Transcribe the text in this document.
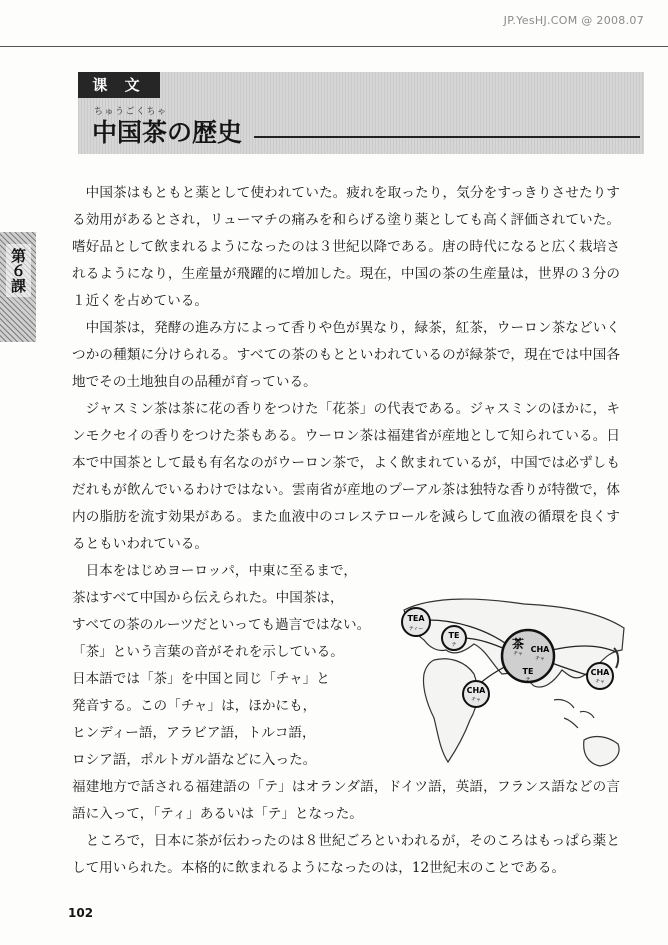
JP.YesHJ.COM @ 2008.07
课 文
ちゅうごくちゃ
中国茶の歴史
第６課

中国茶はもともと薬として使われていた。疲れを取ったり，気分をすっきりさせたりする効用があるとされ，リューマチの痛みを和らげる塗り薬としても高く評価されていた。嗜好品として飲まれるようになったのは３世紀以降である。唐の時代になると広く栽培されるようになり，生産量が飛躍的に増加した。現在，中国の茶の生産量は，世界の３分の１近くを占めている。

中国茶は，発酵の進み方によって香りや色が異なり，緑茶，紅茶，ウーロン茶などいくつかの種類に分けられる。すべての茶のもとといわれているのが緑茶で，現在では中国各地でその土地独自の品種が育っている。

ジャスミン茶は茶に花の香りをつけた「花茶」の代表である。ジャスミンのほかに，キンモクセイの香りをつけた茶もある。ウーロン茶は福建省が産地として知られている。日本で中国茶として最も有名なのがウーロン茶で，よく飲まれているが，中国では必ずしもだれもが飲んでいるわけではない。雲南省が産地のプーアル茶は独特な香りが特徴で，体内の脂肪を流す効果がある。また血液中のコレステロールを減らして血液の循環を良くするともいわれている。

日本をはじめヨーロッパ，中東に至るまで，
茶はすべて中国から伝えられた。中国茶は，
すべての茶のルーツだといっても過言ではない。
「茶」という言葉の音がそれを示している。
日本語では「茶」を中国と同じ「チャ」と
発音する。この「チャ」は，ほかにも，
ヒンディー語，アラビア語，トルコ語，
ロシア語，ポルトガル語などに入った。

福建地方で話される福建語の「テ」はオランダ語，ドイツ語，英語，フランス語などの言語に入って，「ティ」あるいは「テ」となった。

ところで，日本に茶が伝わったのは８世紀ごろといわれるが，そのころはもっぱら薬として用いられた。本格的に飲まれるようになったのは，12世紀末のことである。

TEA
ティー
TE
テ	茶
チャ CHA
チャ
TE
テ
CHA
チャ
CHA
チャ
102
